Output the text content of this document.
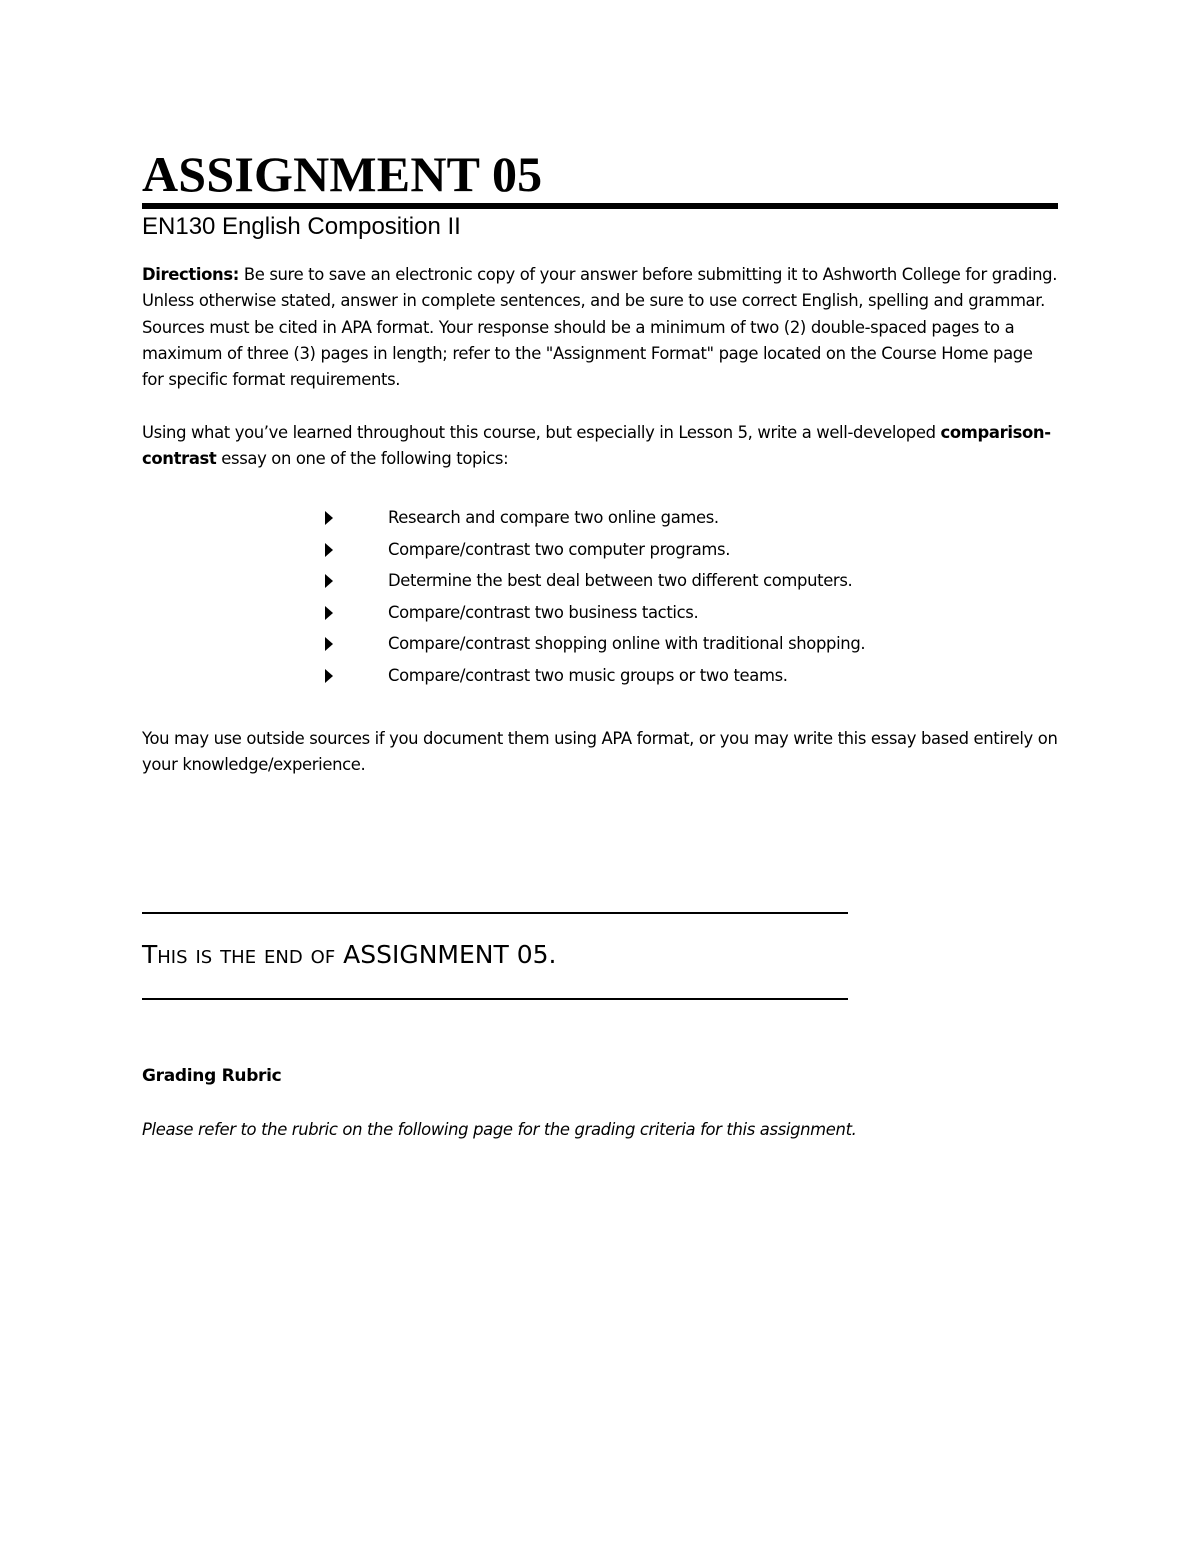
ASSIGNMENT 05
EN130 English Composition II

Directions: Be sure to save an electronic copy of your answer before submitting it to Ashworth College for grading. Unless otherwise stated, answer in complete sentences, and be sure to use correct English, spelling and grammar. Sources must be cited in APA format. Your response should be a minimum of two (2) double-spaced pages to a maximum of three (3) pages in length; refer to the "Assignment Format" page located on the Course Home page for specific format requirements.

Using what you’ve learned throughout this course, but especially in Lesson 5, write a well-developed comparison-contrast essay on one of the following topics:

Research and compare two online games.
Compare/contrast two computer programs.
Determine the best deal between two different computers.
Compare/contrast two business tactics.
Compare/contrast shopping online with traditional shopping.
Compare/contrast two music groups or two teams.

You may use outside sources if you document them using APA format, or you may write this essay based entirely on your knowledge/experience.

This is the end of ASSIGNMENT 05.
Grading Rubric
Please refer to the rubric on the following page for the grading criteria for this assignment.
